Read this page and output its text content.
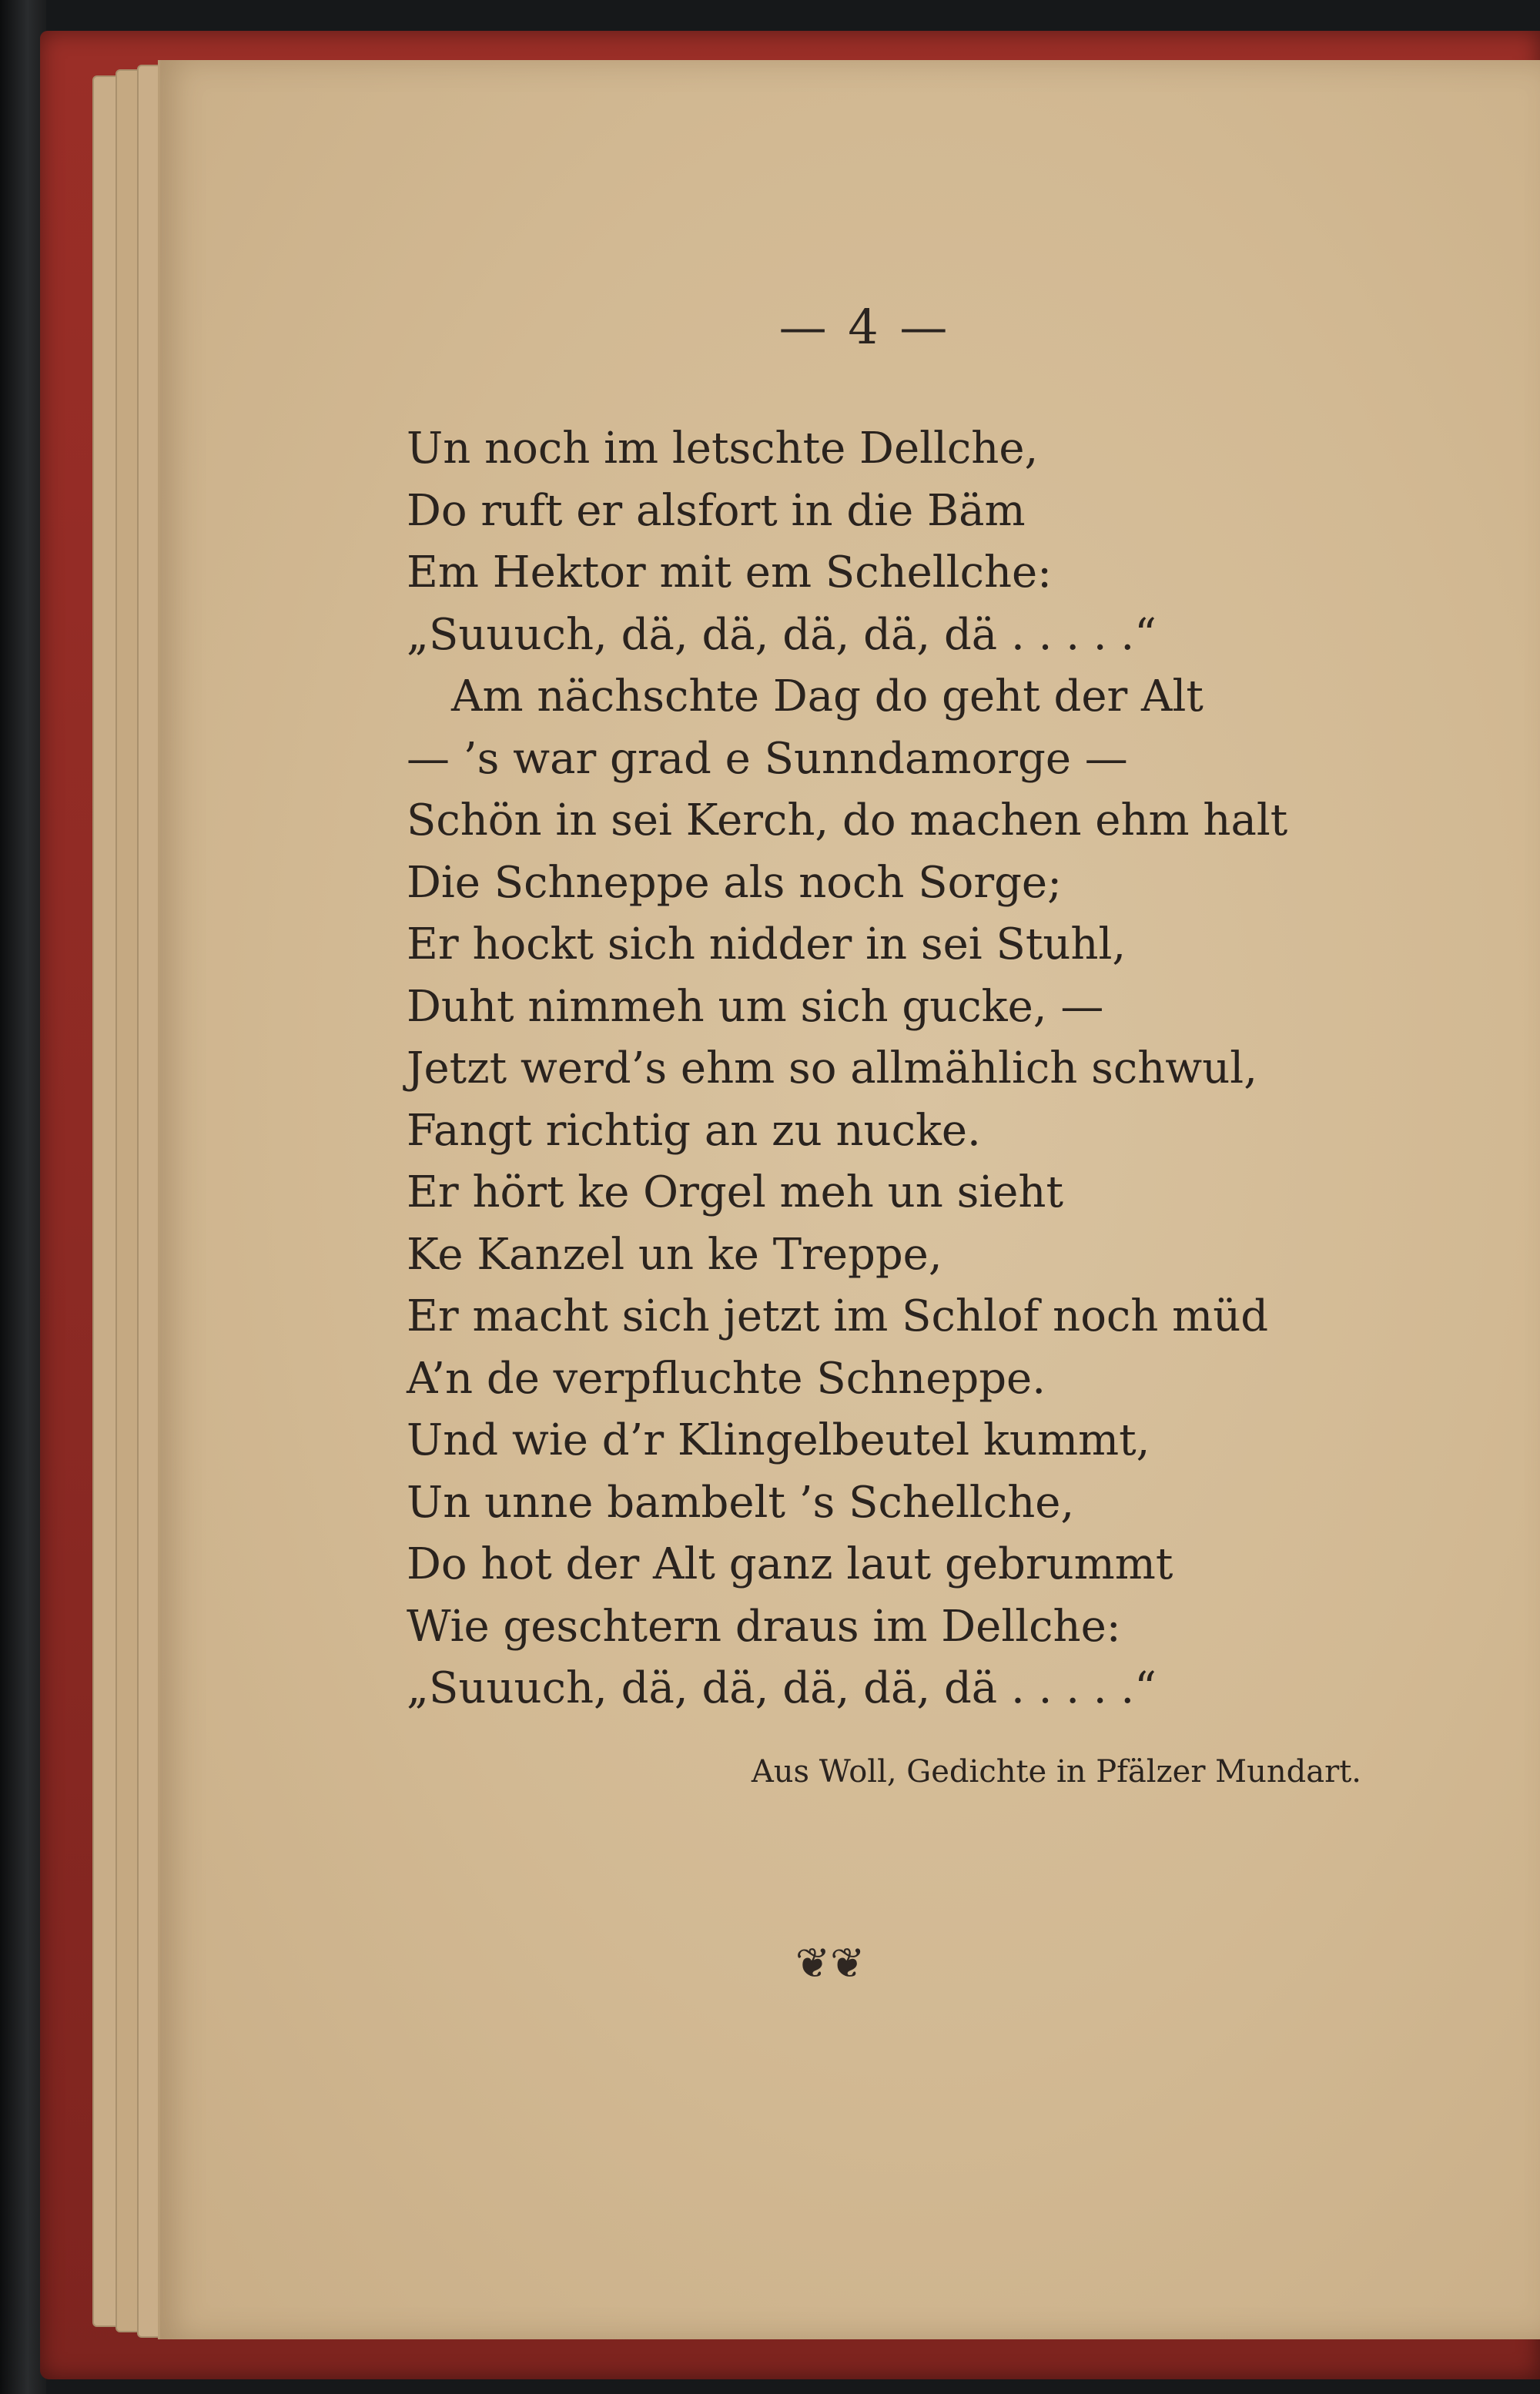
— 4 —
Un noch im letschte Dellche,
Do ruft er alsfort in die Bäm
Em Hektor mit em Schellche:
„Suuuch, dä, dä, dä, dä, dä . . . . .“
Am nächschte Dag do geht der Alt
— ’s war grad e Sunndamorge —
Schön in sei Kerch, do machen ehm halt
Die Schneppe als noch Sorge;
Er hockt sich nidder in sei Stuhl,
Duht nimmeh um sich gucke, —
Jetzt werd’s ehm so allmählich schwul,
Fangt richtig an zu nucke.
Er hört ke Orgel meh un sieht
Ke Kanzel un ke Treppe,
Er macht sich jetzt im Schlof noch müd
A’n de verpfluchte Schneppe.
Und wie d’r Klingelbeutel kummt,
Un unne bambelt ’s Schellche,
Do hot der Alt ganz laut gebrummt
Wie geschtern draus im Dellche:
„Suuuch, dä, dä, dä, dä, dä . . . . .“
Aus Woll, Gedichte in Pfälzer Mundart.
❦❦
